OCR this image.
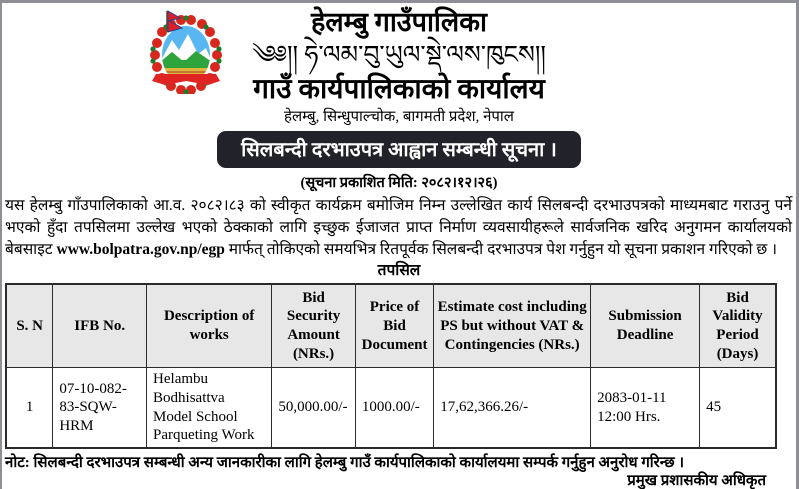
हेलम्बु गाउँपालिका
༄༅།། ཧེ་ལམ་བུ་ཡུལ་སྡེ་ལས་ཁུངས།།
गाउँ कार्यपालिकाको कार्यालय
हेलम्बु, सिन्धुपाल्चोक, बागमती प्रदेश, नेपाल
सिलबन्दी दरभाउपत्र आह्वान सम्बन्धी सूचना ।
(सूचना प्रकाशित मिति: २०८२।१२।२६)
यस हेलम्बु गाँउपालिकाको आ.व. २०८२।८३ को स्वीकृत कार्यक्रम बमोजिम निम्न उल्लेखित कार्य सिलबन्दी दरभाउपत्रको माध्यमबाट गराउनु पर्ने भएको हुँदा तपसिलमा उल्लेख भएको ठेक्काको लागि इच्छुक ईजाजत प्राप्त निर्माण व्यवसायीहरूले सार्वजनिक खरिद अनुगमन कार्यालयको बेबसाइट www.bolpatra.gov.np/egp मार्फत् तोकिएको समयभित्र रितपूर्वक सिलबन्दी दरभाउपत्र पेश गर्नुहुन यो सूचना प्रकाशन गरिएको छ ।
तपसिल
S. N	IFB No.	Description of works	Bid Security Amount (NRs.)	Price of Bid Document	Estimate cost including PS but without VAT & Contingencies (NRs.)	Submission Deadline	Bid Validity Period (Days)
1	07-10-082-83-SQW-HRM	Helambu Bodhisattva Model School Parqueting Work	50,000.00/-	1000.00/-	17,62,366.26/-	2083-01-11 12:00 Hrs.	45
नोट: सिलबन्दी दरभाउपत्र सम्बन्धी अन्य जानकारीका लागि हेलम्बु गाउँ कार्यपालिकाको कार्यालयमा सम्पर्क गर्नुहुन अनुरोध गरिन्छ ।
प्रमुख प्रशासकीय अधिकृत
